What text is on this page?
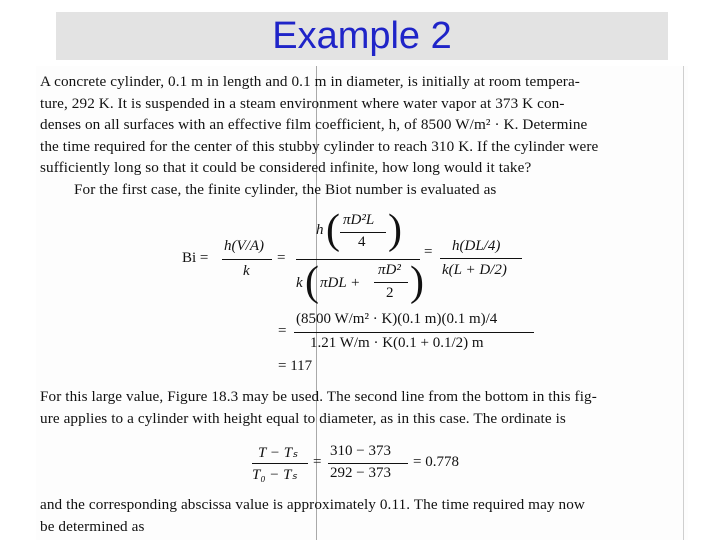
Example 2
A concrete cylinder, 0.1 m in length and 0.1 m in diameter, is initially at room tempera-
ture, 292 K. It is suspended in a steam environment where water vapor at 373 K con-
denses on all surfaces with an effective film coefficient, h, of 8500 W/m² · K. Determine
the time required for the center of this stubby cylinder to reach 310 K. If the cylinder were
sufficiently long so that it could be considered infinite, how long would it take?
For the first case, the finite cylinder, the Biot number is evaluated as
Bi =
h(V/A)
k
=
h ( πD²L
4 )
k ( πDL +
πD²
2 )
= h(DL/4)
k(L + D/2)
=
(8500 W/m² · K)(0.1 m)(0.1 m)/4
1.21 W/m · K(0.1 + 0.1/2) m
= 117
For this large value, Figure 18.3 may be used. The second line from the bottom in this fig-
ure applies to a cylinder with height equal to diameter, as in this case. The ordinate is
T − Tₛ
T₀ − Tₛ
=
310 − 373
292 − 373
= 0.778
and the corresponding abscissa value is approximately 0.11. The time required may now
be determined as
